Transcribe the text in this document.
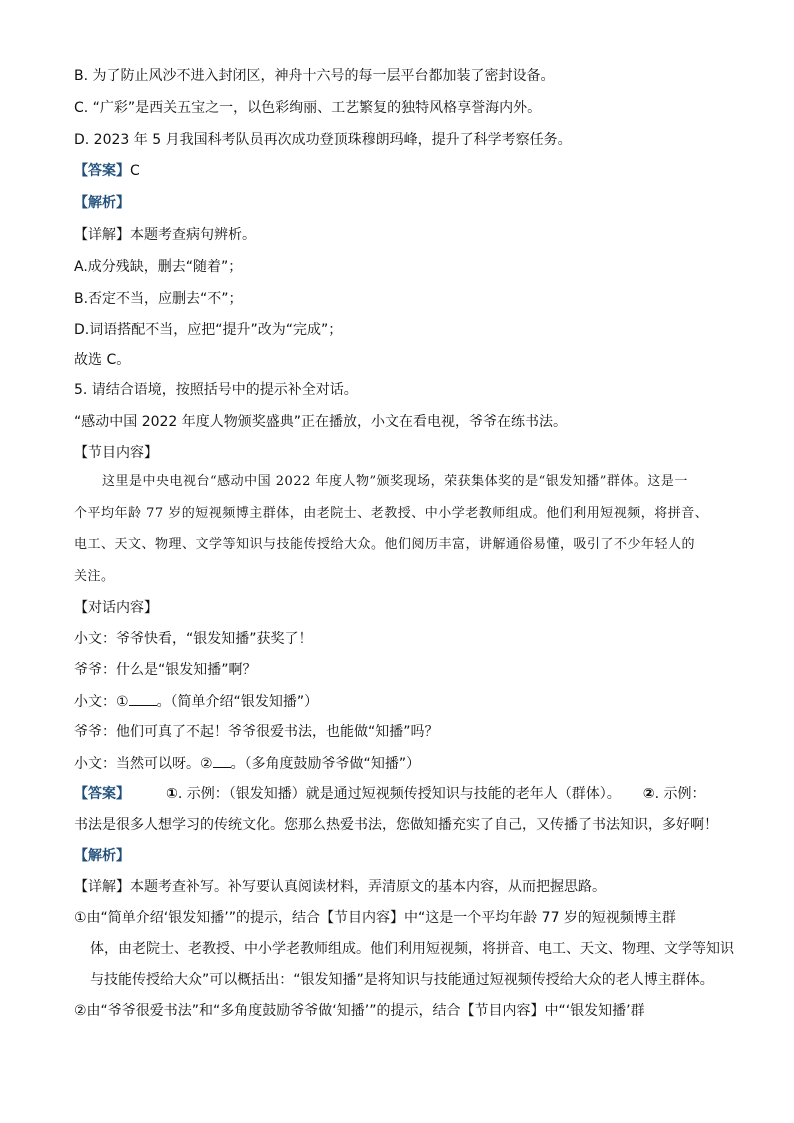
B. 为了防止风沙不进入封闭区，神舟十六号的每一层平台都加装了密封设备。
C. “广彩”是西关五宝之一，以色彩绚丽、工艺繁复的独特风格享誉海内外。
D. 2023 年 5 月我国科考队员再次成功登顶珠穆朗玛峰，提升了科学考察任务。
【答案】C
【解析】
【详解】本题考查病句辨析。
A.成分残缺，删去“随着”；
B.否定不当，应删去“不”；
D.词语搭配不当，应把“提升”改为“完成”；
故选 C。
5. 请结合语境，按照括号中的提示补全对话。
“感动中国 2022 年度人物颁奖盛典”正在播放，小文在看电视，爷爷在练书法。
【节目内容】
这里是中央电视台“感动中国 2022 年度人物”颁奖现场，荣获集体奖的是“银发知播”群体。这是一
个平均年龄 77 岁的短视频博主群体，由老院士、老教授、中小学老教师组成。他们利用短视频，将拼音、
电工、天文、物理、文学等知识与技能传授给大众。他们阅历丰富，讲解通俗易懂，吸引了不少年轻人的
关注。
【对话内容】
小文：爷爷快看，“银发知播”获奖了！
爷爷：什么是“银发知播”啊？
小文：① 。（简单介绍“银发知播”）
爷爷：他们可真了不起！爷爷很爱书法，也能做“知播”吗？
小文：当然可以呀。② 。（多角度鼓励爷爷做“知播”）
【答案】	①. 示例：（银发知播）就是通过短视频传授知识与技能的老年人（群体）。 ②. 示例：
书法是很多人想学习的传统文化。您那么热爱书法，您做知播充实了自己，又传播了书法知识，多好啊！
【解析】
【详解】本题考查补写。补写要认真阅读材料，弄清原文的基本内容，从而把握思路。
①由“简单介绍‘银发知播’”的提示，结合【节目内容】中“这是一个平均年龄 77 岁的短视频博主群
体，由老院士、老教授、中小学老教师组成。他们利用短视频，将拼音、电工、天文、物理、文学等知识
与技能传授给大众”可以概括出：“银发知播”是将知识与技能通过短视频传授给大众的老人博主群体。
②由“爷爷很爱书法”和“多角度鼓励爷爷做‘知播’”的提示，结合【节目内容】中“‘银发知播’群
